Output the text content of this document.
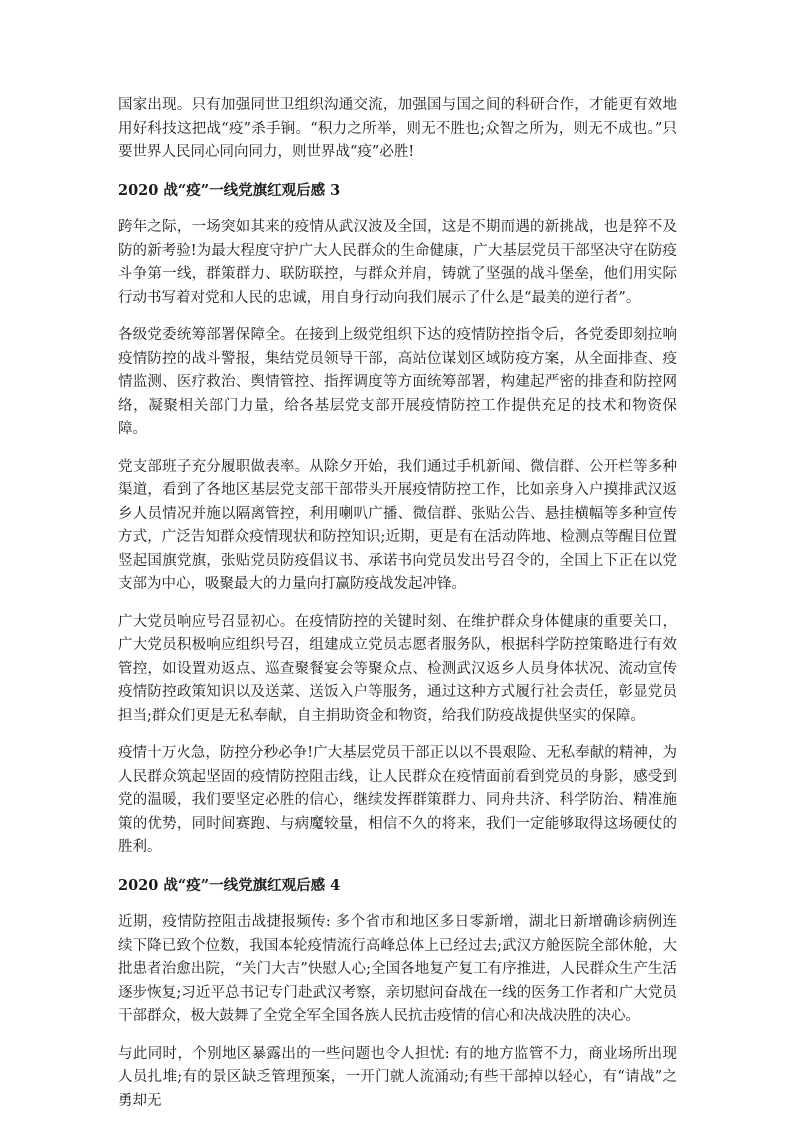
国家出现。只有加强同世卫组织沟通交流，加强国与国之间的科研合作，才能更有效地用好科技这把战“疫”杀手锏。“积力之所举，则无不胜也;众智之所为，则无不成也。”只要世界人民同心同向同力，则世界战“疫”必胜!

2020 战“疫”一线党旗红观后感 3

跨年之际，一场突如其来的疫情从武汉波及全国，这是不期而遇的新挑战，也是猝不及防的新考验!为最大程度守护广大人民群众的生命健康，广大基层党员干部坚决守在防疫斗争第一线，群策群力、联防联控，与群众并肩，铸就了坚强的战斗堡垒，他们用实际行动书写着对党和人民的忠诚，用自身行动向我们展示了什么是“最美的逆行者”。

各级党委统筹部署保障全。在接到上级党组织下达的疫情防控指令后，各党委即刻拉响疫情防控的战斗警报，集结党员领导干部，高站位谋划区域防疫方案，从全面排查、疫情监测、医疗救治、舆情管控、指挥调度等方面统筹部署，构建起严密的排查和防控网络，凝聚相关部门力量，给各基层党支部开展疫情防控工作提供充足的技术和物资保障。

党支部班子充分履职做表率。从除夕开始，我们通过手机新闻、微信群、公开栏等多种渠道，看到了各地区基层党支部干部带头开展疫情防控工作，比如亲身入户摸排武汉返乡人员情况并施以隔离管控，利用喇叭广播、微信群、张贴公告、悬挂横幅等多种宣传方式，广泛告知群众疫情现状和防控知识;近期，更是有在活动阵地、检测点等醒目位置竖起国旗党旗，张贴党员防疫倡议书、承诺书向党员发出号召令的，全国上下正在以党支部为中心，吸聚最大的力量向打赢防疫战发起冲锋。

广大党员响应号召显初心。在疫情防控的关键时刻、在维护群众身体健康的重要关口，广大党员积极响应组织号召，组建成立党员志愿者服务队，根据科学防控策略进行有效管控，如设置劝返点、巡查聚餐宴会等聚众点、检测武汉返乡人员身体状况、流动宣传疫情防控政策知识以及送菜、送饭入户等服务，通过这种方式履行社会责任，彰显党员担当;群众们更是无私奉献，自主捐助资金和物资，给我们防疫战提供坚实的保障。

疫情十万火急，防控分秒必争!广大基层党员干部正以以不畏艰险、无私奉献的精神，为人民群众筑起坚固的疫情防控阻击线，让人民群众在疫情面前看到党员的身影，感受到党的温暖，我们要坚定必胜的信心，继续发挥群策群力、同舟共济、科学防治、精准施策的优势，同时间赛跑、与病魔较量，相信不久的将来，我们一定能够取得这场硬仗的胜利。

2020 战“疫”一线党旗红观后感 4

近期，疫情防控阻击战捷报频传: 多个省市和地区多日零新增，湖北日新增确诊病例连续下降已致个位数，我国本轮疫情流行高峰总体上已经过去;武汉方舱医院全部休舱，大批患者治愈出院，“关门大吉”快慰人心;全国各地复产复工有序推进，人民群众生产生活逐步恢复;习近平总书记专门赴武汉考察，亲切慰问奋战在一线的医务工作者和广大党员干部群众，极大鼓舞了全党全军全国各族人民抗击疫情的信心和决战决胜的决心。

与此同时，个别地区暴露出的一些问题也令人担忧: 有的地方监管不力，商业场所出现人员扎堆;有的景区缺乏管理预案，一开门就人流涌动;有些干部掉以轻心，有“请战”之勇却无
